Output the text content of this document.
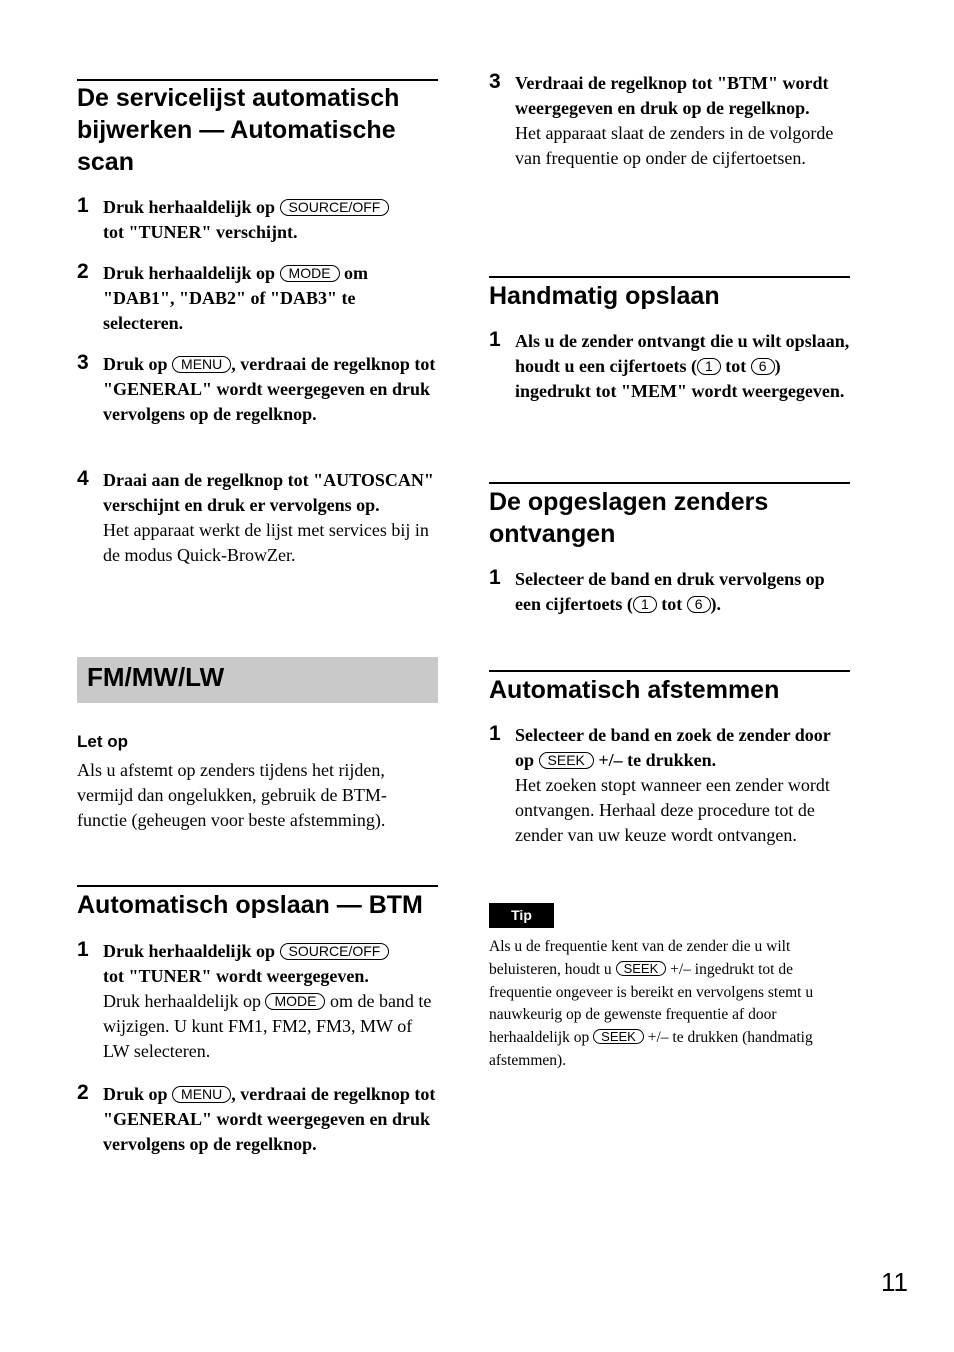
De servicelijst automatisch bijwerken — Automatische scan
1 Druk herhaaldelijk op SOURCE/OFF
tot "TUNER" verschijnt.
2 Druk herhaaldelijk op MODE om "DAB1", "DAB2" of "DAB3" te selecteren.
3 Druk op MENU , verdraai de regelknop tot "GENERAL" wordt weergegeven en druk vervolgens op de regelknop.
4 Draai aan de regelknop tot "AUTOSCAN" verschijnt en druk er vervolgens op.
Het apparaat werkt de lijst met services bij in de modus Quick-BrowZer.
FM/MW/LW
Let op
Als u afstemt op zenders tijdens het rijden, vermijd dan ongelukken, gebruik de BTM-functie (geheugen voor beste afstemming).
Automatisch opslaan — BTM
1 Druk herhaaldelijk op SOURCE/OFF
tot "TUNER" wordt weergegeven.
Druk herhaaldelijk op MODE om de band te wijzigen. U kunt FM1, FM2, FM3, MW of LW selecteren.
2 Druk op MENU , verdraai de regelknop tot "GENERAL" wordt weergegeven en druk vervolgens op de regelknop.
3 Verdraai de regelknop tot "BTM" wordt weergegeven en druk op de regelknop.
Het apparaat slaat de zenders in de volgorde van frequentie op onder de cijfertoetsen.
Handmatig opslaan
1 Als u de zender ontvangt die u wilt opslaan, houdt u een cijfertoets ( 1 tot 6 ) ingedrukt tot "MEM" wordt weergegeven.
De opgeslagen zenders ontvangen
1 Selecteer de band en druk vervolgens op een cijfertoets ( 1 tot 6 ).
Automatisch afstemmen
1 Selecteer de band en zoek de zender door op SEEK +/– te drukken.
Het zoeken stopt wanneer een zender wordt ontvangen. Herhaal deze procedure tot de zender van uw keuze wordt ontvangen.
Tip
Als u de frequentie kent van de zender die u wilt beluisteren, houdt u SEEK +/– ingedrukt tot de frequentie ongeveer is bereikt en vervolgens stemt u nauwkeurig op de gewenste frequentie af door herhaaldelijk op SEEK +/– te drukken (handmatig afstemmen).
11
